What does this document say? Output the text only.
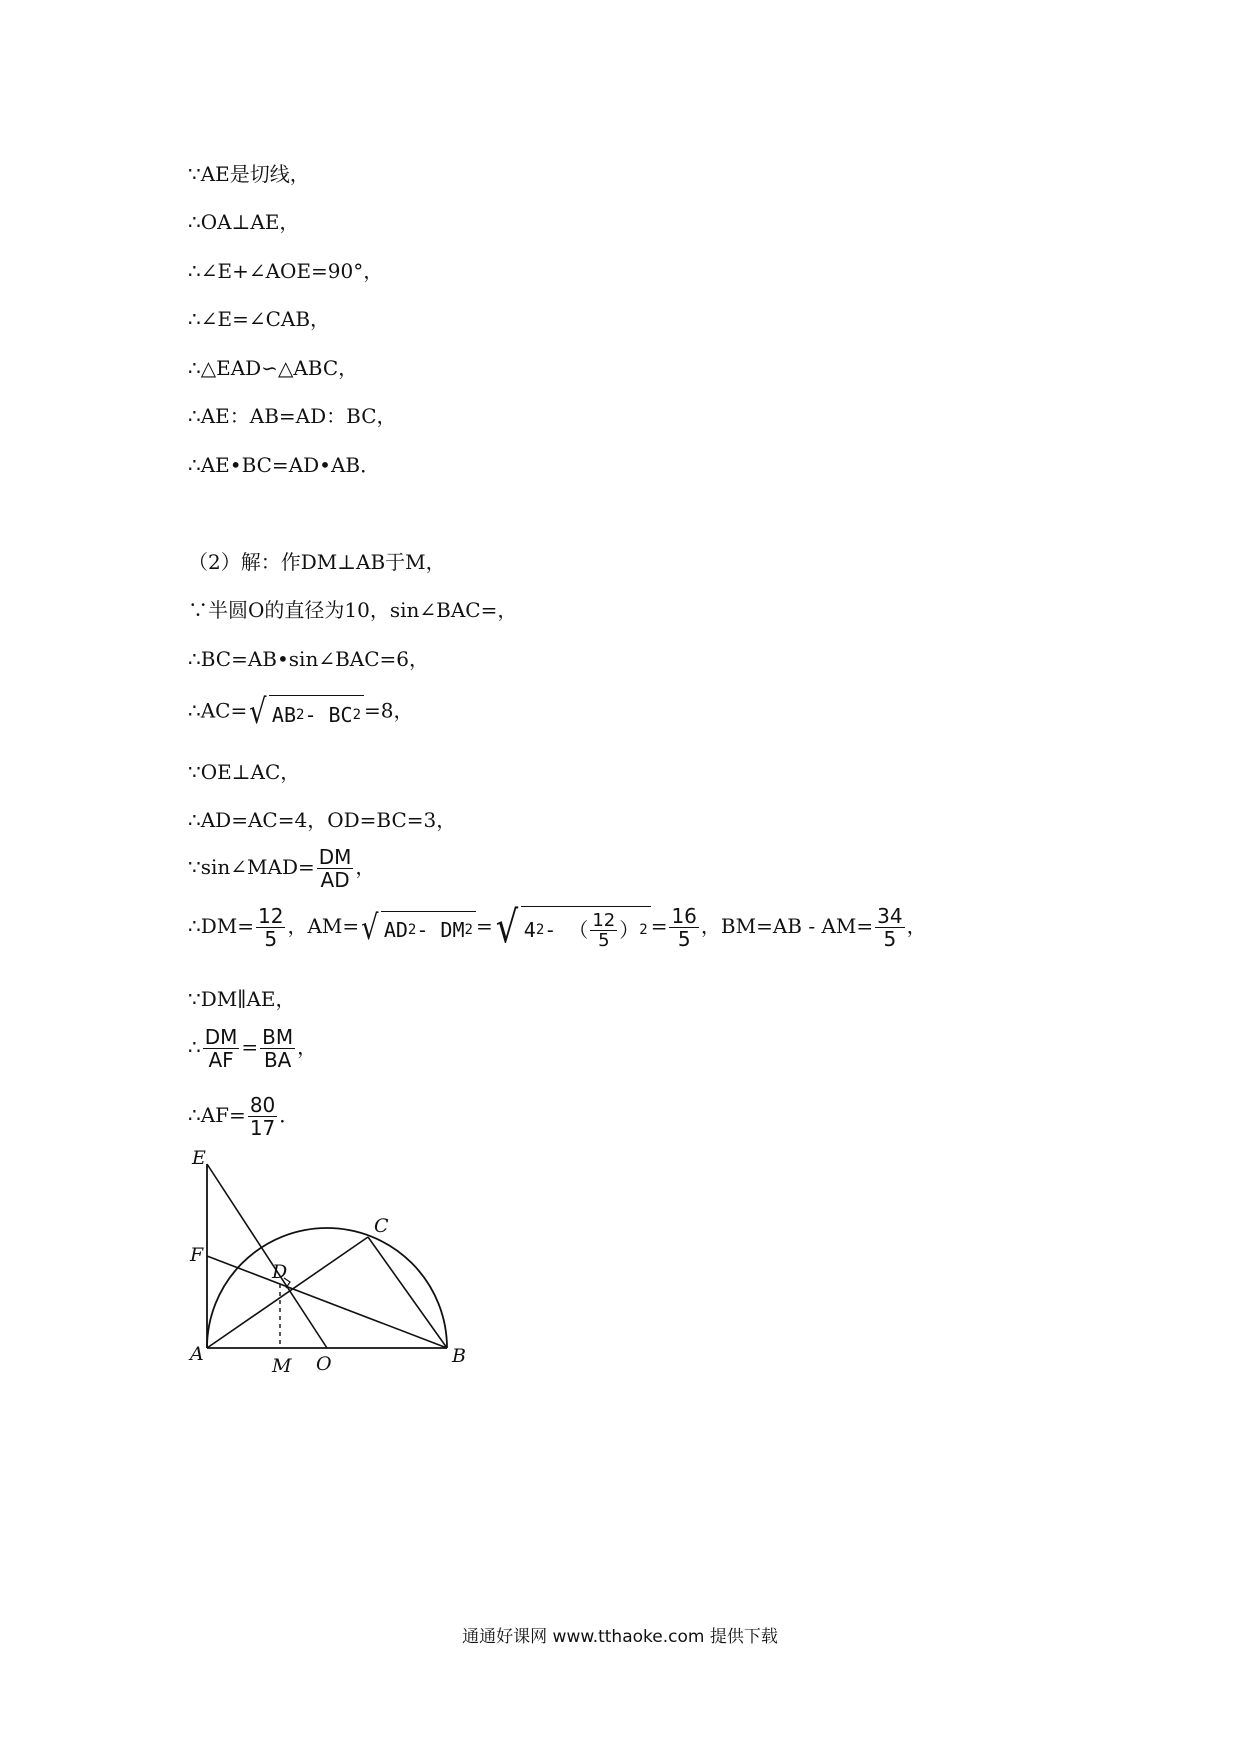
∵AE是切线，
∴OA⊥AE，
∴∠E+∠AOE=90°，
∴∠E=∠CAB，
∴△EAD∽△ABC，
∴AE：AB=AD：BC，
∴AE•BC=AD•AB．
（2）解：作DM⊥AB于M，
∵半圆O的直径为10，sin∠BAC=，
∴BC=AB•sin∠BAC=6，
∴AC= √ AB 2 - BC 2 =8，
∵OE⊥AC，
∴AD=AC=4，OD=BC=3，
∵sin∠MAD= $\frac{DM}{AD}$ ，
∴DM= $\frac{12}{5}$ ，AM= √ AD 2 - DM 2 = √ 4 2 - （ $\frac{12}{5}$ ） $2 = \frac{16}{5}$ ，$BM=AB - AM= \frac{34}{5}$ ，
∵DM∥AE，
∴ $\frac{DM}{AF} = \frac{BM}{BA}$ ，
∴AF= $\frac{80}{17}$ ．
E
F
A
C
D
B
M O
通通好课网 www.tthaoke.com 提供下载
